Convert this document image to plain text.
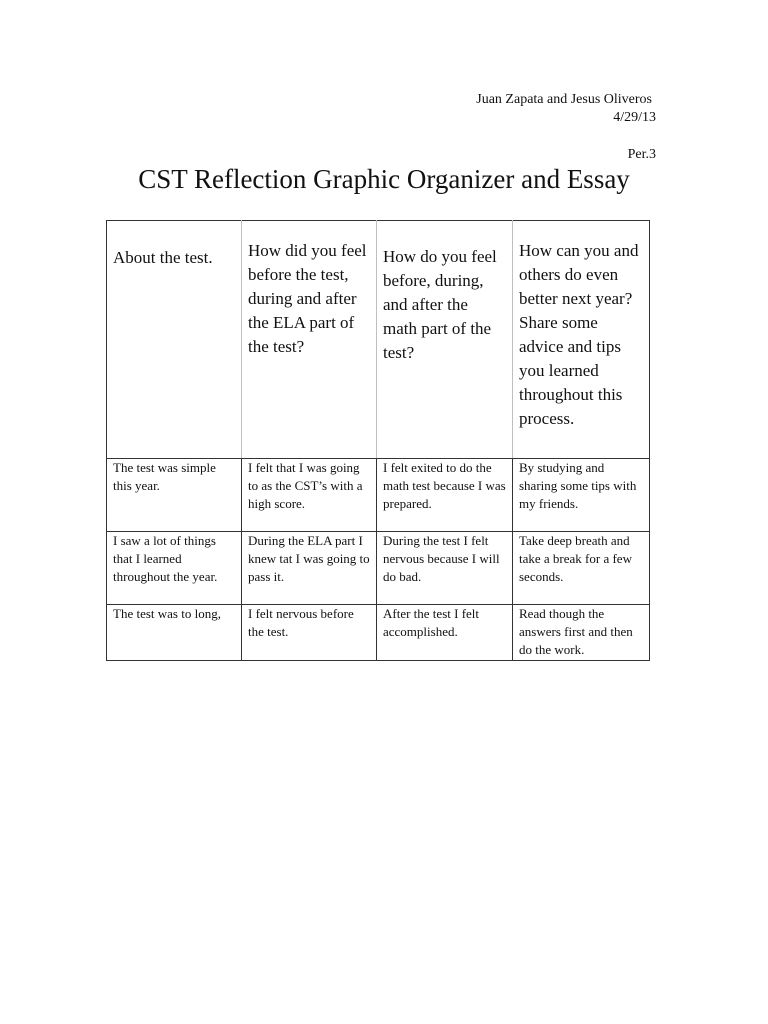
Juan Zapata and Jesus Oliveros
4/29/13
Per.3
CST Reflection Graphic Organizer and Essay
About the test.	How did you feel before the test, during and after the ELA part of the test?	How do you feel before, during, and after the math part of the test?	How can you and others do even better next year? Share some advice and tips you learned throughout this process.
The test was simple this year.	I felt that I was going to as the CST’s with a high score.	I felt exited to do the math test because I was prepared.	By studying and sharing some tips with my friends.
I saw a lot of things that I learned throughout the year.	During the ELA part I knew tat I was going to pass it.	During the test I felt nervous because I will do bad.	Take deep breath and take a break for a few seconds.
The test was to long,	I felt nervous before the test.	After the test I felt accomplished.	Read though the answers first and then do the work.
